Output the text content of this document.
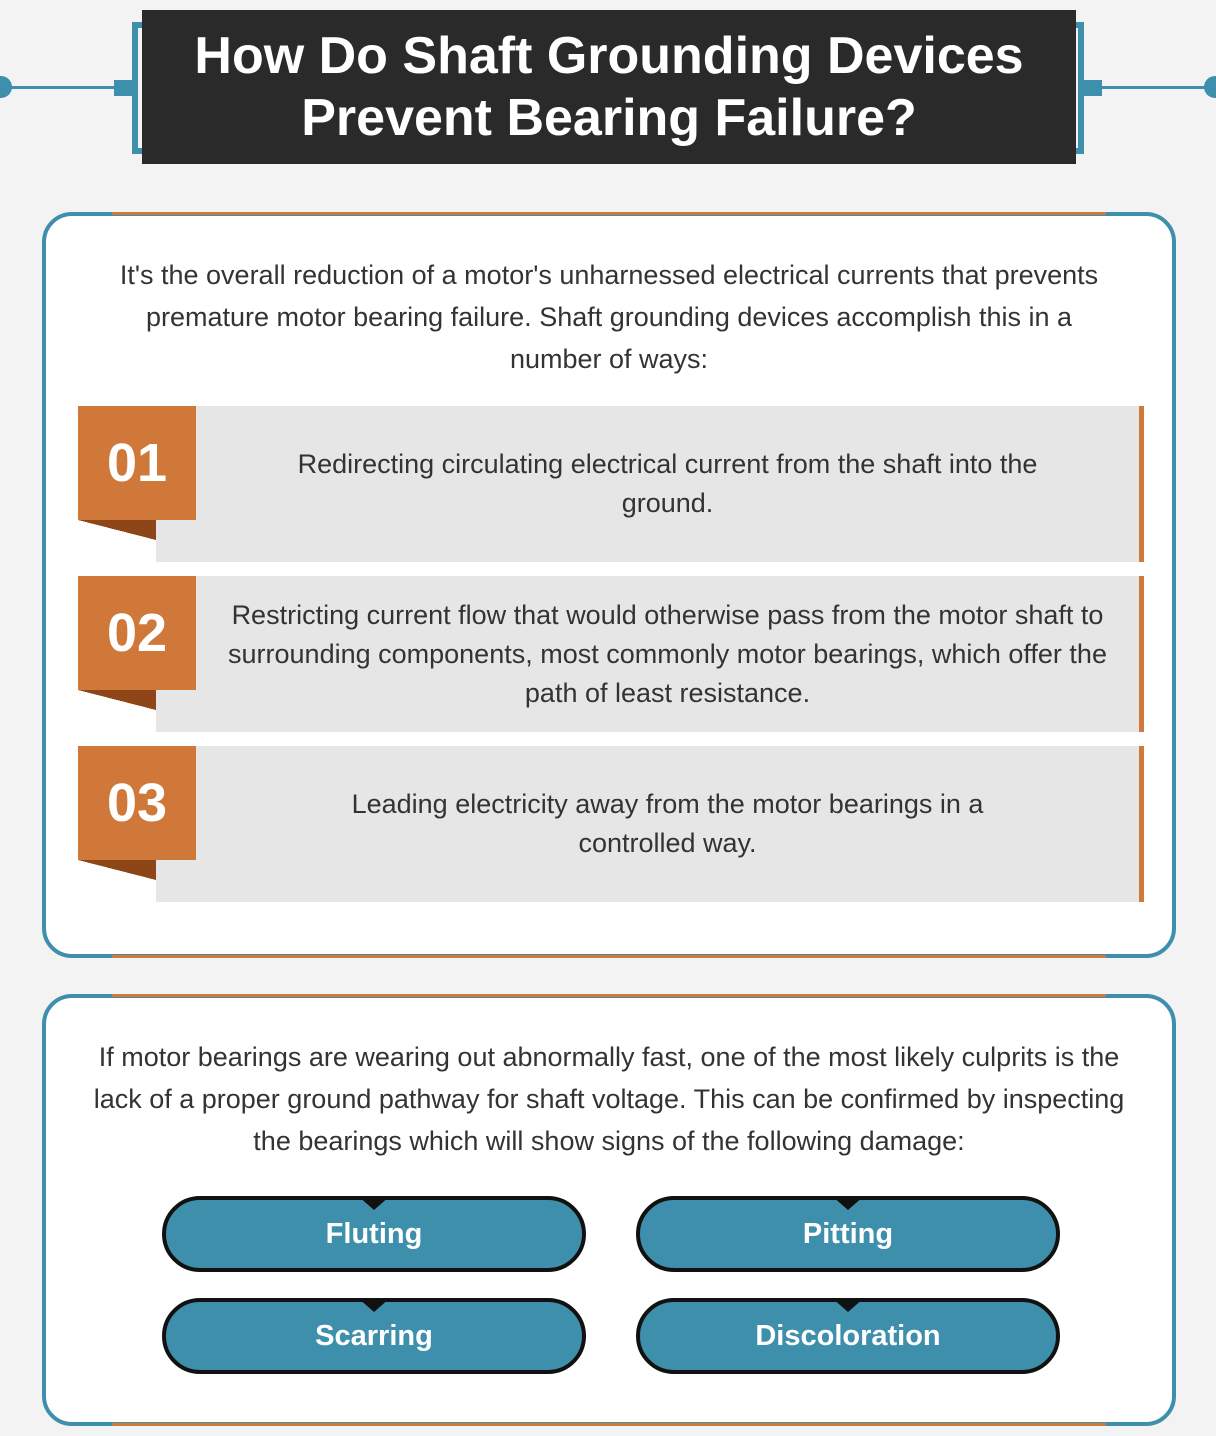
How Do Shaft Grounding Devices Prevent Bearing Failure?

It's the overall reduction of a motor's unharnessed electrical currents that prevents premature motor bearing failure. Shaft grounding devices accomplish this in a number of ways:

01	Redirecting circulating electrical current from the shaft into the ground.
02	Restricting current flow that would otherwise pass from the motor shaft to surrounding components, most commonly motor bearings, which offer the path of least resistance.
03	Leading electricity away from the motor bearings in a controlled way.

If motor bearings are wearing out abnormally fast, one of the most likely culprits is the lack of a proper ground pathway for shaft voltage. This can be confirmed by inspecting the bearings which will show signs of the following damage:

Fluting	Pitting
Scarring	Discoloration
